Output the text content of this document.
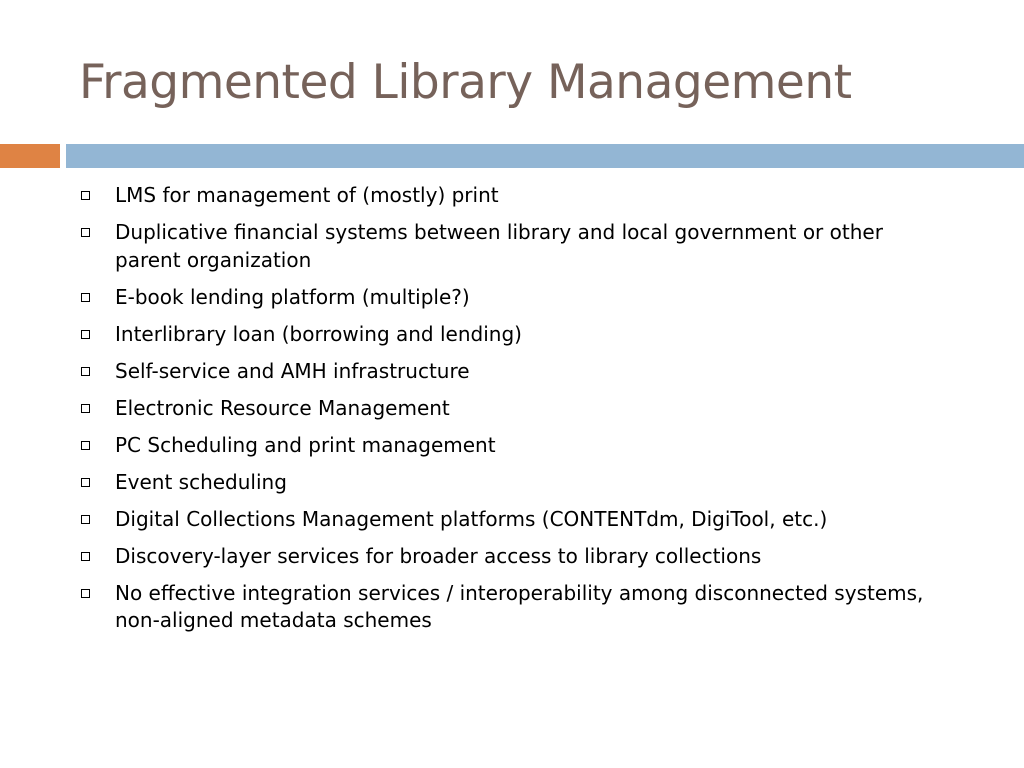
Fragmented Library Management
LMS for management of (mostly) print
Duplicative financial systems between library and local government or other parent organization
E-book lending platform (multiple?)
Interlibrary loan (borrowing and lending)
Self-service and AMH infrastructure
Electronic Resource Management
PC Scheduling and print management
Event scheduling
Digital Collections Management platforms (CONTENTdm, DigiTool, etc.)
Discovery-layer services for broader access to library collections
No effective integration services / interoperability among disconnected systems, non-aligned metadata schemes
